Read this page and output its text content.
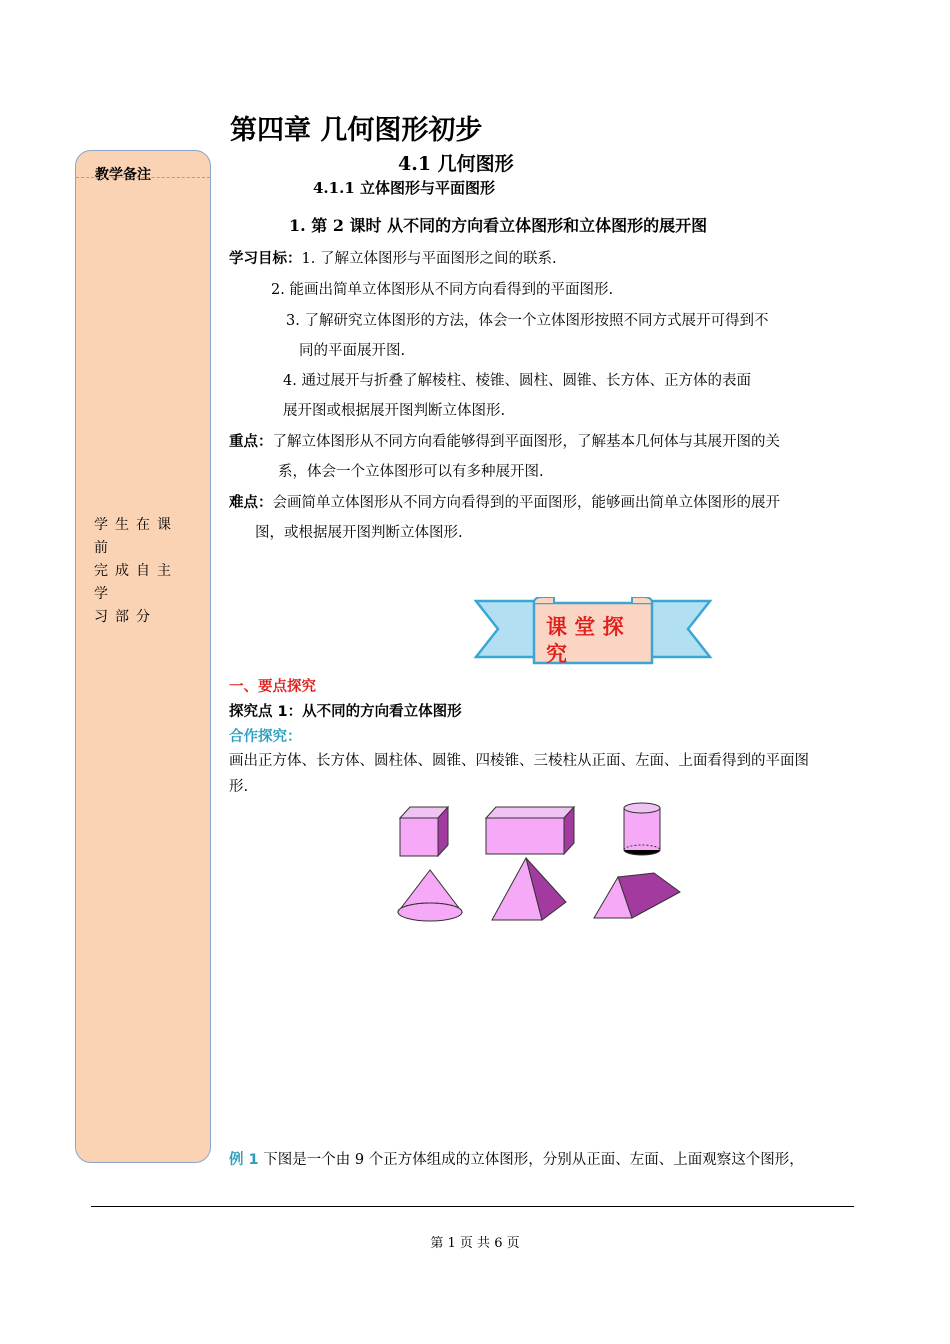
教学备注
学生在课前
完成自主学
习部分
第四章 几何图形初步
4.1 几何图形
4.1.1 立体图形与平面图形
1. 第 2 课时 从不同的方向看立体图形和立体图形的展开图
学习目标：1. 了解立体图形与平面图形之间的联系.
2. 能画出简单立体图形从不同方向看得到的平面图形.
3. 了解研究立体图形的方法，体会一个立体图形按照不同方式展开可得到不
同的平面展开图.
4. 通过展开与折叠了解棱柱、棱锥、圆柱、圆锥、长方体、正方体的表面
展开图或根据展开图判断立体图形.
重点：了解立体图形从不同方向看能够得到平面图形，了解基本几何体与其展开图的关
系，体会一个立体图形可以有多种展开图.
难点：会画简单立体图形从不同方向看得到的平面图形，能够画出简单立体图形的展开
图，或根据展开图判断立体图形.
课 堂 探
究
一、要点探究
探究点 1：从不同的方向看立体图形
合作探究：
画出正方体、长方体、圆柱体、圆锥、四棱锥、三棱柱从正面、左面、上面看得到的平面图
形.
例 1 下图是一个由 9 个正方体组成的立体图形，分别从正面、左面、上面观察这个图形，
第 1 页 共 6 页
